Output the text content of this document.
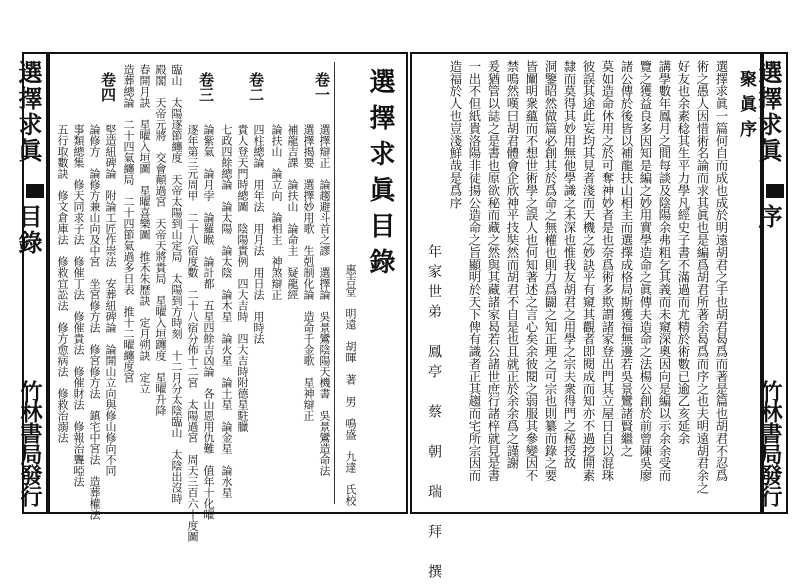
選擇求眞
目錄
竹林書局發行
選擇求眞目錄
惠吉堂　明遠　胡暉　著　男　鳴盛　九達　氏校
卷一
選擇辯正　論趨避斗首之謬　選擇論　吳景鸞陰陽天機書　吳景鸞造命法
選擇揭要　選擇妙用歌　生剋制化論　造命千金歌　星神辯正
補龍吉課　論扶山　論命主　疑龍經
論扶山　論立向　論相主　神煞辯正
卷二
四柱總論　用年法　用月法　用日法　用時法
貴人登天門時總圖　陰陽貴例　四大吉時　四大吉時附德星駐臘
七政四餘總論　論太陽　論太陰　論木星　論火星　論土星　論金星　論水星
卷三
論紫氣　論月孛　論羅睺　論計都　五星四餘吉凶論　各山恩用仇難　值年十化曜
逐年第三元周甲　二十八宿度數　二十八宿分佈十二宮　太陽過宮　周天三百六十度圖
臨山　太陽逐節纏度　天帝太陽到山定局　太陽到方時刻　十二月分太陰臨山　太陰出沒時
殿閣　天帝元將　交會顛過宮　天帝天將貴局　星曜入垣躔度　星曜升降
春開月訣　星曜入垣圖　星曜喜樂圖　推禾朱歷訣　定月朔訣　定立
造葬總論　二十四氣纏局　二十四節氣過多日表　推十二曜纏度宮
卷四
堅造紐碑論　附論工匠作崇法　安葬紐碑論　論開山立向與修山修向不同
論修方　論修方兼山向及中宮　坐宮修方法　修宮修方法　鎮宅中宮法　造葬權法
事類總集　修天同求子法　修催丁法　修催貴法　修催財法　修報治聾啞法
五行取數訣　修文倉庫法　修救宜訟法　修方愈病法　修救治溺法
聚眞序
選擇求眞一篇何自而成也成於明遠胡君之手也胡君曷爲而著是篇也胡君不忍爲
術之愚人因惜術名論而求其眞也是編爲胡君所著余曷爲而序之也夫明遠胡君余之
好友也余素稔其生平力學凡經史子書不滿過而尤精於術數已逾乙亥延余
講學數年鳳月之間每談及陰陽余弗粗乞其義而未窺深奧因向是編以示余余受而
覽之獲益良多因知是編之妙用實學造命之眞傳夫造命之法楊公創於前曾陳吳廖
諸公傳於後皆以補龍扶山相主而選擇成格局斯獲福無邊若吳景鸞諸賢繼之
莫如造命休用之於可奪神妙者是也奈爲術多欺謂諸家登出門其立屋日自以混珠
彼誤其途此妄均其見者淺而天機之妙訣平有窺其觀者即閱成而知亦不過挖開素
隸而莫得其妙用無他學識之未深也惟我友胡君之用學之宗夫衆得門之秘授故
洞鑒昭然做篇必創其於爲命之無權也則力爲闢之知正理之可宗也則纂而錄之要
皆闡明衆蘊而不想世術學之誤人也何知著述之言心矣余彼閱之弱服其參變因不
禁鳴然嘆曰胡君體會企欣神平技奘然而胡君不自是也且就正於余余爲之謹謝
爰猶管以誌之是書也原欲秘而藏之然與其藏諸家曷若公諸世庶行諸梓就見是書
一出不但紙貴洛陽非徒揚公造命之旨顯明於天下俾有識者正其趨而宅所宗因而
造福於人也豈淺鮮哉是爲序
年家世弟　鳳亭　蔡　朝　瑞　拜　撰
選擇求眞
序
竹林書局發行
